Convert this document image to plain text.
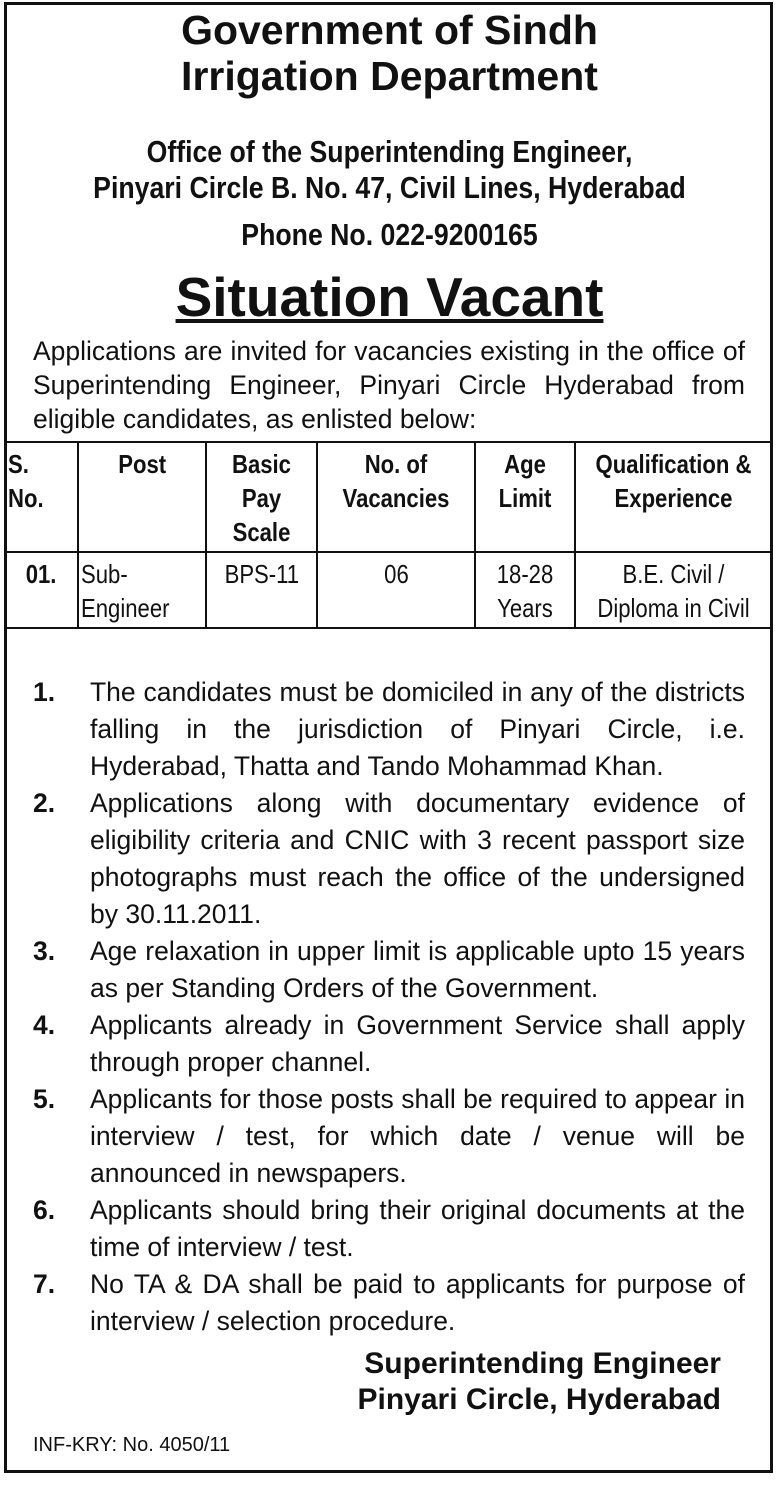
Government of Sindh
Irrigation Department
Office of the Superintending Engineer,
Pinyari Circle B. No. 47, Civil Lines, Hyderabad
Phone No. 022-9200165
Situation Vacant
Applications are invited for vacancies existing in the office of Superintending Engineer, Pinyari Circle Hyderabad from eligible candidates, as enlisted below:
S. No.	Post	Basic Pay Scale	No. of Vacancies	Age Limit	Qualification & Experience
01.	Sub-Engineer	BPS-11	06	18-28 Years	B.E. Civil / Diploma in Civil
1.	The candidates must be domiciled in any of the districts falling in the jurisdiction of Pinyari Circle, i.e. Hyderabad, Thatta and Tando Mohammad Khan.
2.	Applications along with documentary evidence of eligibility criteria and CNIC with 3 recent passport size photographs must reach the office of the undersigned by 30.11.2011.
3.	Age relaxation in upper limit is applicable upto 15 years as per Standing Orders of the Government.
4.	Applicants already in Government Service shall apply through proper channel.
5.	Applicants for those posts shall be required to appear in interview / test, for which date / venue will be announced in newspapers.
6.	Applicants should bring their original documents at the time of interview / test.
7.	No TA & DA shall be paid to applicants for purpose of interview / selection procedure.
Superintending Engineer
Pinyari Circle, Hyderabad
INF-KRY: No. 4050/11
